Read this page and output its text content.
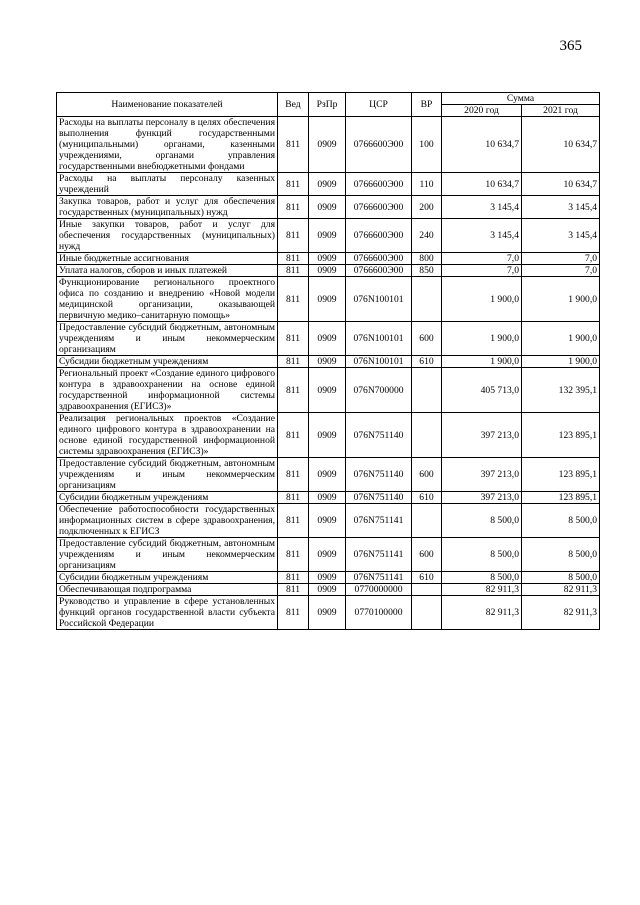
365
Наименование показателей	Вед	РзПр	ЦСР	ВР	Сумма	
					2020 год	2021 год
Расходы на выплаты персоналу в целях обеспечения выполнения функций государственными (муниципальными) органами, казенными учреждениями, органами управления государственными внебюджетными фондами	811	0909	0766600Э00	100	10 634,7	10 634,7
Расходы на выплаты персоналу казенных учреждений	811	0909	0766600Э00	110	10 634,7	10 634,7
Закупка товаров, работ и услуг для обеспечения государственных (муниципальных) нужд	811	0909	0766600Э00	200	3 145,4	3 145,4
Иные закупки товаров, работ и услуг для обеспечения государственных (муниципальных) нужд	811	0909	0766600Э00	240	3 145,4	3 145,4
Иные бюджетные ассигнования	811	0909	0766600Э00	800	7,0	7,0
Уплата налогов, сборов и иных платежей	811	0909	0766600Э00	850	7,0	7,0
Функционирование регионального проектного офиса по созданию и внедрению «Новой модели медицинской организации, оказывающей первичную медико–санитарную помощь»	811	0909	076N100101		1 900,0	1 900,0
Предоставление субсидий бюджетным, автономным учреждениям и иным некоммерческим организациям	811	0909	076N100101	600	1 900,0	1 900,0
Субсидии бюджетным учреждениям	811	0909	076N100101	610	1 900,0	1 900,0
Региональный проект «Создание единого цифрового контура в здравоохранении на основе единой государственной информационной системы здравоохранения (ЕГИСЗ)»	811	0909	076N700000		405 713,0	132 395,1
Реализация региональных проектов «Создание единого цифрового контура в здравоохранении на основе единой государственной информационной системы здравоохранения (ЕГИСЗ)»	811	0909	076N751140		397 213,0	123 895,1
Предоставление субсидий бюджетным, автономным учреждениям и иным некоммерческим организациям	811	0909	076N751140	600	397 213,0	123 895,1
Субсидии бюджетным учреждениям	811	0909	076N751140	610	397 213,0	123 895,1
Обеспечение работоспособности государственных информационных систем в сфере здравоохранения, подключенных к ЕГИСЗ	811	0909	076N751141		8 500,0	8 500,0
Предоставление субсидий бюджетным, автономным учреждениям и иным некоммерческим организациям	811	0909	076N751141	600	8 500,0	8 500,0
Субсидии бюджетным учреждениям	811	0909	076N751141	610	8 500,0	8 500,0
Обеспечивающая подпрограмма	811	0909	0770000000		82 911,3	82 911,3
Руководство и управление в сфере установленных функций органов государственной власти субъекта Российской Федерации	811	0909	0770100000		82 911,3	82 911,3
